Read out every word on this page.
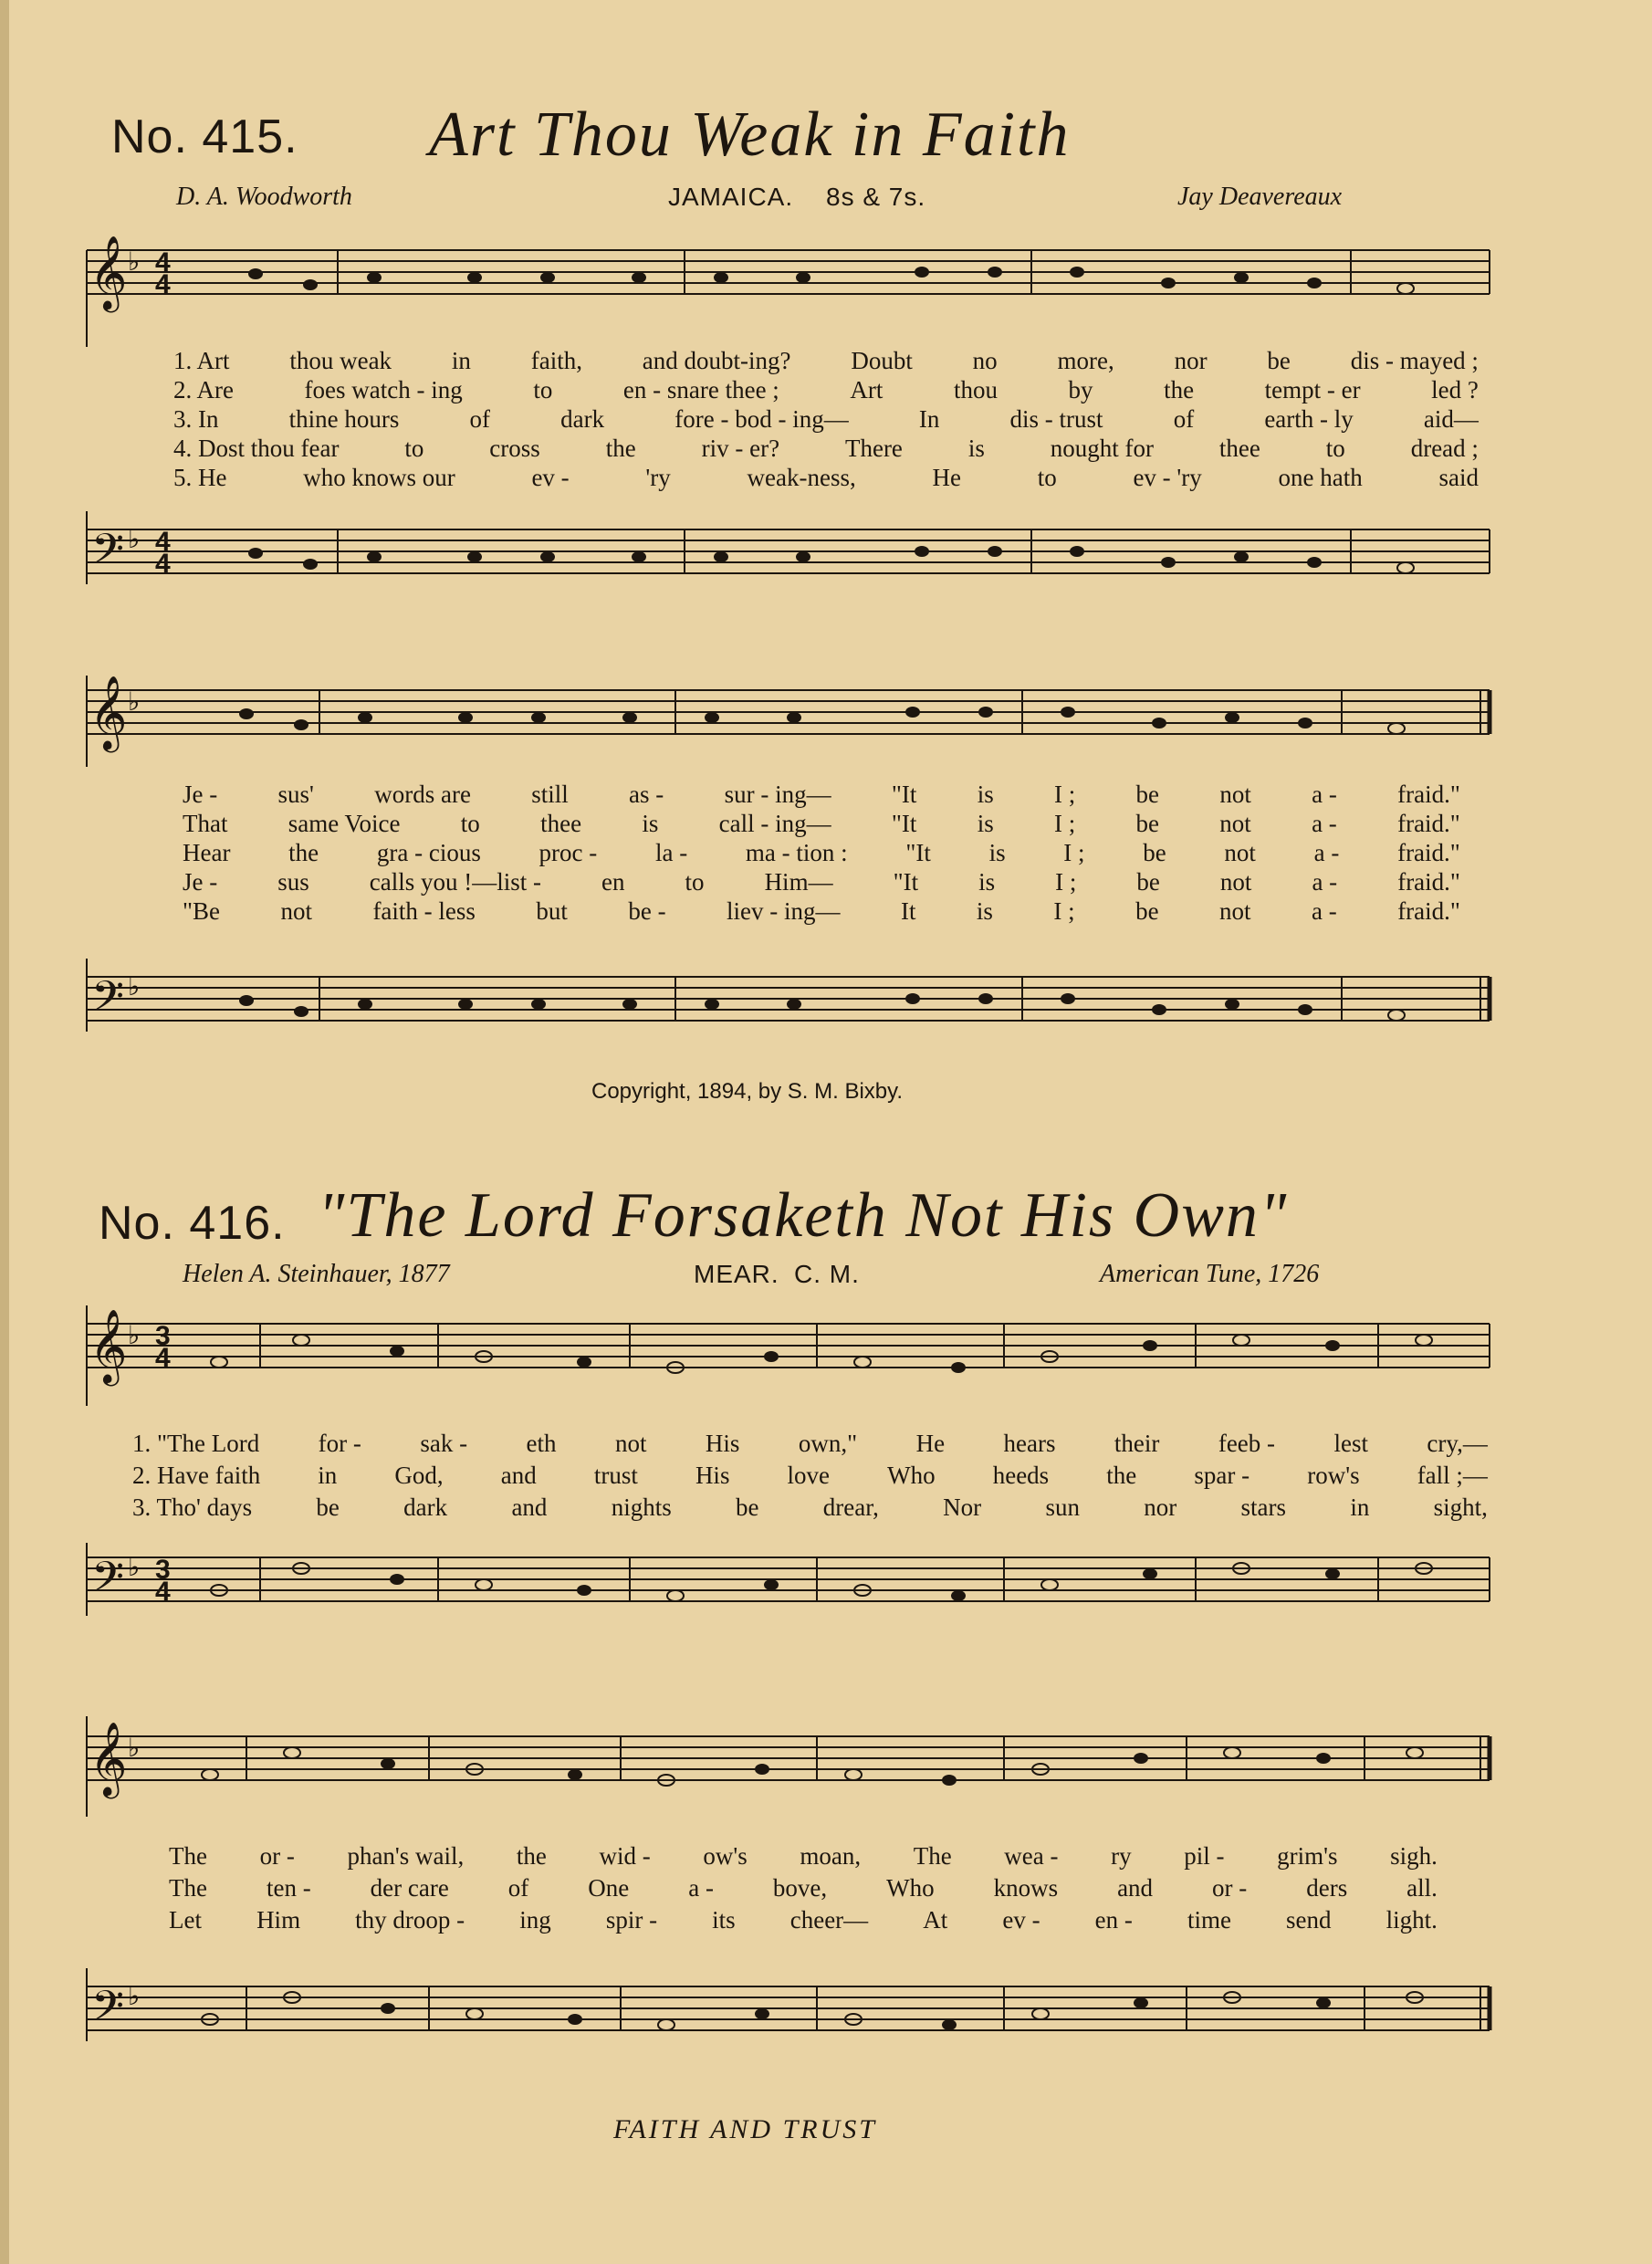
No. 415. Art Thou Weak in Faith
D. A. Woodworth	JAMAICA. 8s & 7s.	Jay Deavereaux
𝄞
𝄢
𝄞
𝄢
𝄞
𝄢
𝄞
𝄢
♭
♭
♭
♭
♭
♭
♭
♭
4
4
4
4
3
4
3
4
1. Art thou weak in faith, and doubt-ing? Doubt no more, nor be dis - mayed ;
2. Are	foes watch - ing	to	en - snare thee ;	Art	thou	by	the	tempt - er	led ?
3. In	thine hours	of	dark	fore - bod - ing—	In	dis - trust	of	earth - ly	aid—
4. Dost thou fear	to	cross	the	riv - er?	There	is	nought for	thee	to	dread ;
5. He	who knows our	ev -	'ry	weak-ness,	He	to	ev - 'ry	one hath	said
Je - sus' words are still as - sur - ing— "It is I ; be not a - fraid."
That same Voice to thee is call - ing— "It is I ; be not a - fraid."
Hear the gra - cious proc - la - ma - tion : "It is I ; be not a - fraid."
Je - sus calls you !—list - en to Him— "It is I ; be not a - fraid."
"Be not faith - less but be - liev - ing— It is I ; be not a - fraid."
Copyright, 1894, by S. M. Bixby.
No. 416. "The Lord Forsaketh Not His Own"
Helen A. Steinhauer, 1877	MEAR. C. M.	American Tune, 1726
1. "The Lord for - sak - eth not His own," He hears their feeb - lest cry,—
2. Have faith in God, and trust His love Who heeds the spar - row's fall ;—
3. Tho' days	be	dark	and	nights	be	drear,	Nor	sun	nor	stars	in	sight,
The or - phan's wail, the wid - ow's moan, The wea - ry pil - grim's sigh.
The ten - der care of One a - bove, Who knows and or - ders all.
Let Him thy droop - ing spir - its cheer— At ev - en - time send light.
FAITH AND TRUST
